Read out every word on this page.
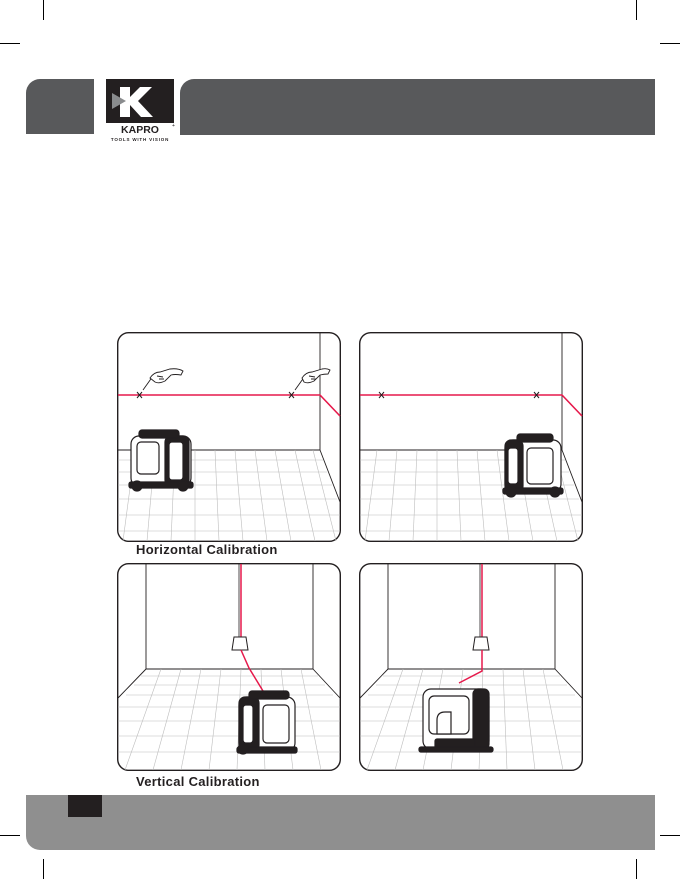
KAPRO	+
TOOLS WITH VISION
Horizontal Calibration
Vertical Calibration
